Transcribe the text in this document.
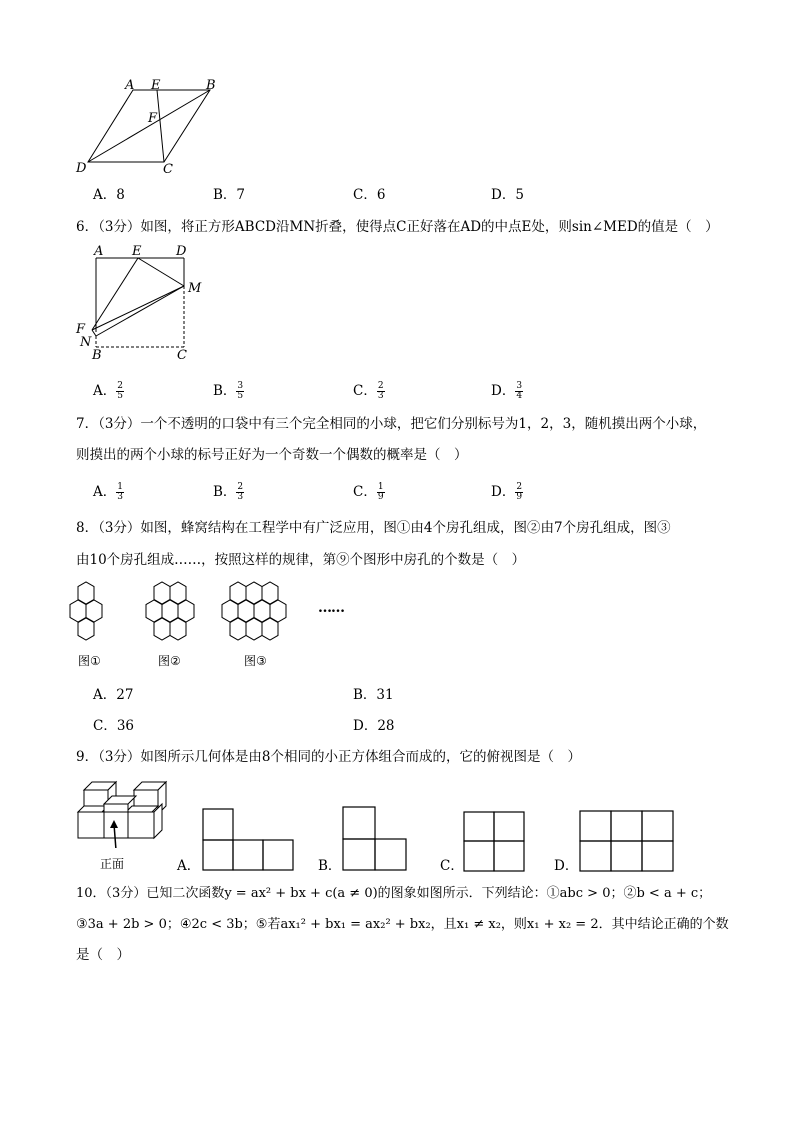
A E	B
F
D	C
A．8	B．7	C．6	D．5
6．（3分）如图，将正方形ABCD沿MN折叠，使得点C正好落在AD的中点E处，则sin∠MED的值是（　）
A E	D
M
F
N
B	C
A． $\frac{2}{5}$	B． $\frac{3}{5}$	C． $\frac{2}{3}$	D． $\frac{3}{4}$
7．（3分）一个不透明的口袋中有三个完全相同的小球，把它们分别标号为1，2，3，随机摸出两个小球，
则摸出的两个小球的标号正好为一个奇数一个偶数的概率是（　）
A． $\frac{1}{3}$	B． $\frac{2}{3}$	C． $\frac{1}{9}$	D． $\frac{2}{9}$
8．（3分）如图，蜂窝结构在工程学中有广泛应用，图①由4个房孔组成，图②由7个房孔组成，图③
由10个房孔组成……，按照这样的规律，第⑨个图形中房孔的个数是（　）
……
图①	图②	图③
A．27	B．31
C．36	D．28
9．（3分）如图所示几何体是由8个相同的小正方体组合而成的，它的俯视图是（　）
正面	A．	B．	C．	D．
10．（3分）已知二次函数y = ax² + bx + c(a ≠ 0)的图象如图所示．下列结论：①abc > 0；②b < a + c；
③3a + 2b > 0；④2c < 3b；⑤若ax₁² + bx₁ = ax₂² + bx₂，且x₁ ≠ x₂，则x₁ + x₂ = 2．其中结论正确的个数
是（　）
